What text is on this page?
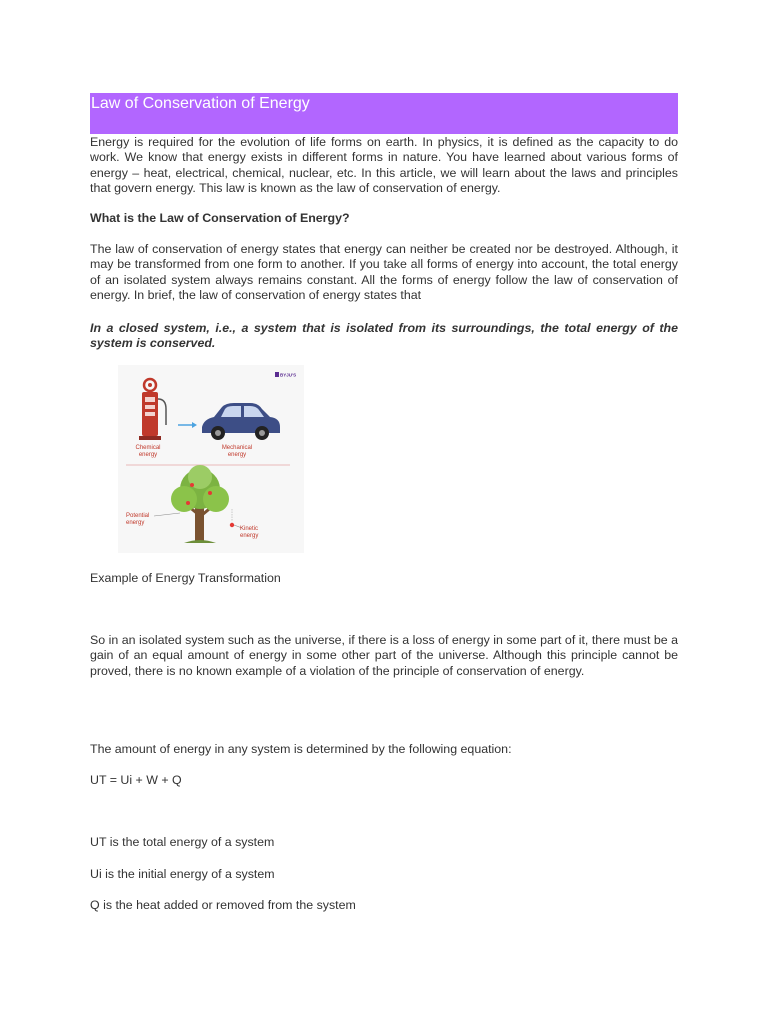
Law of Conservation of Energy
Energy is required for the evolution of life forms on earth. In physics, it is defined as the capacity to do work. We know that energy exists in different forms in nature. You have learned about various forms of energy – heat, electrical, chemical, nuclear, etc. In this article, we will learn about the laws and principles that govern energy. This law is known as the law of conservation of energy.
What is the Law of Conservation of Energy?
The law of conservation of energy states that energy can neither be created nor be destroyed. Although, it may be transformed from one form to another. If you take all forms of energy into account, the total energy of an isolated system always remains constant. All the forms of energy follow the law of conservation of energy. In brief, the law of conservation of energy states that
In a closed system, i.e., a system that is isolated from its surroundings, the total energy of the system is conserved.
BYJU'S
Chemical
energy
Mechanical
energy
Potential
energy
Kinetic
energy
Example of Energy Transformation
So in an isolated system such as the universe, if there is a loss of energy in some part of it, there must be a gain of an equal amount of energy in some other part of the universe. Although this principle cannot be proved, there is no known example of a violation of the principle of conservation of energy.
The amount of energy in any system is determined by the following equation:
UT = Ui + W + Q
UT is the total energy of a system
Ui is the initial energy of a system
Q is the heat added or removed from the system
